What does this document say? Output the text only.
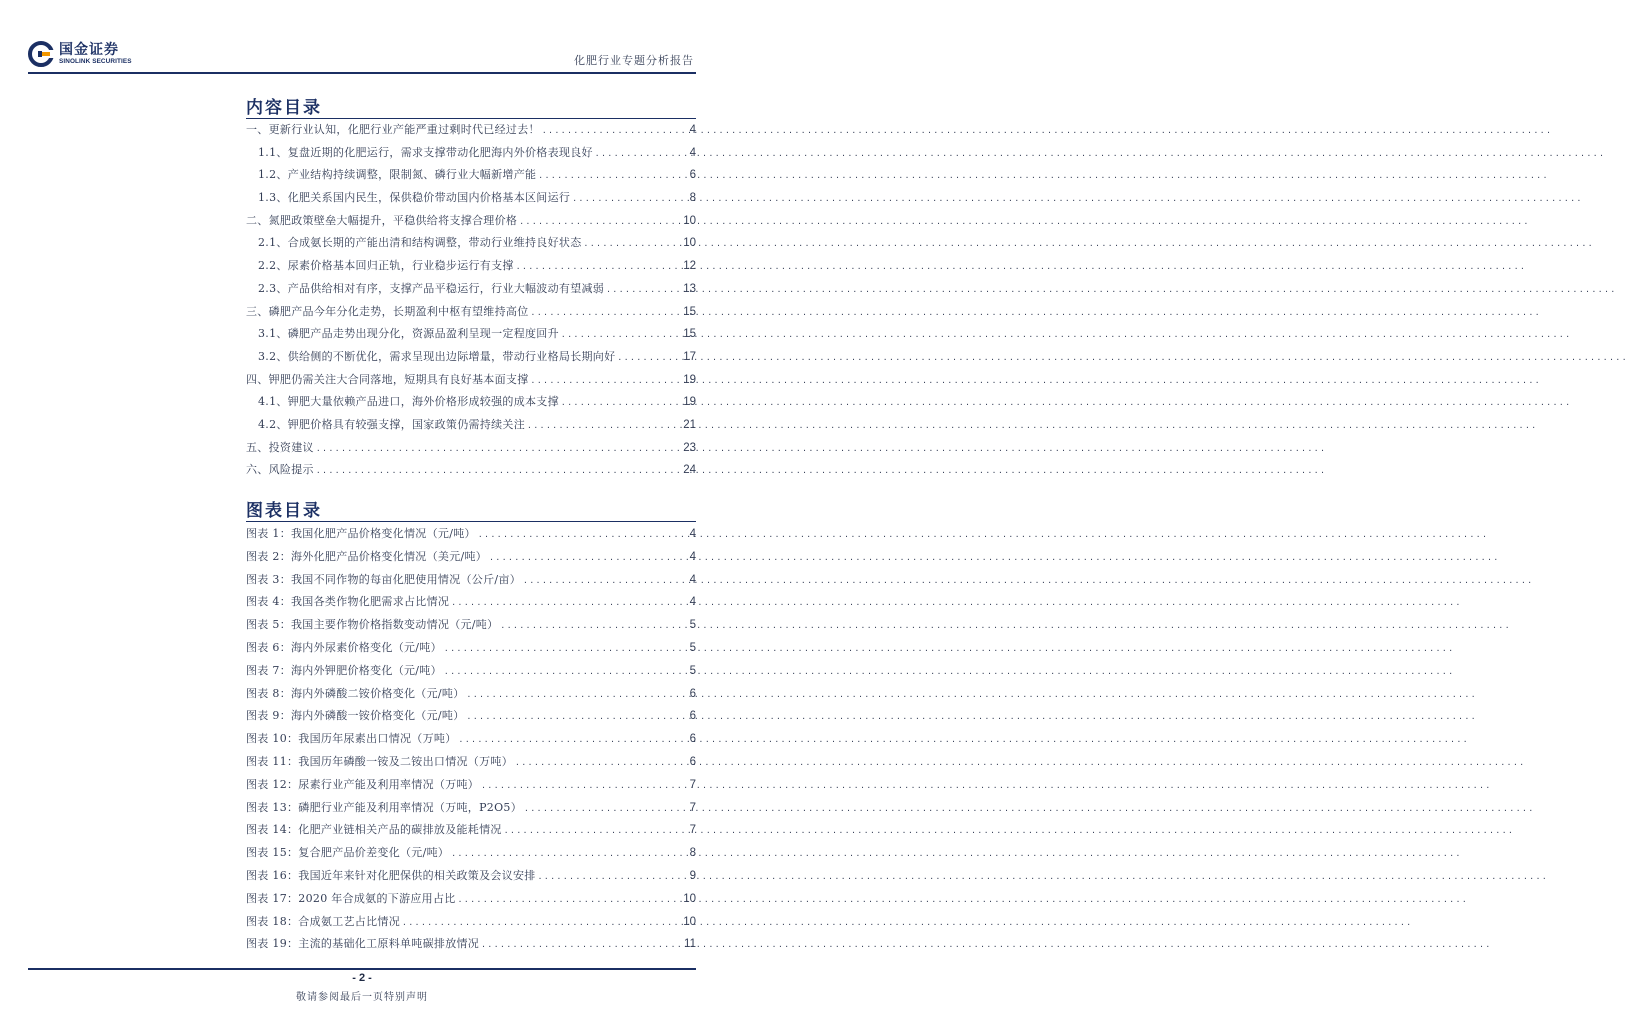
国金证券
SINOLINK SECURITIES	化肥行业专题分析报告
内容目录
一、更新行业认知，化肥行业产能严重过剩时代已经过去！ .....	4
1.1、复盘近期的化肥运行，需求支撑带动化肥海内外价格表现良好 .....	4
1.2、产业结构持续调整，限制氮、磷行业大幅新增产能 .....	6
1.3、化肥关系国内民生，保供稳价带动国内价格基本区间运行 .....	8
二、氮肥政策壁垒大幅提升，平稳供给将支撑合理价格 .....	10
2.1、合成氨长期的产能出清和结构调整，带动行业维持良好状态 .....	10
2.2、尿素价格基本回归正轨，行业稳步运行有支撑 .....	12
2.3、产品供给相对有序，支撑产品平稳运行，行业大幅波动有望减弱 .....	13
三、磷肥产品今年分化走势，长期盈利中枢有望维持高位 .....	15
3.1、磷肥产品走势出现分化，资源品盈利呈现一定程度回升 .....	15
3.2、供给侧的不断优化，需求呈现出边际增量，带动行业格局长期向好 .....	17
四、钾肥仍需关注大合同落地，短期具有良好基本面支撑 .....	19
4.1、钾肥大量依赖产品进口，海外价格形成较强的成本支撑 .....	19
4.2、钾肥价格具有较强支撑，国家政策仍需持续关注 .....	21
五、投资建议 .....	23
六、风险提示 .....	24
图表目录
图表 1：我国化肥产品价格变化情况（元/吨） .....	4
图表 2：海外化肥产品价格变化情况（美元/吨） .....	4
图表 3：我国不同作物的每亩化肥使用情况（公斤/亩） .....	4
图表 4：我国各类作物化肥需求占比情况 .....	4
图表 5：我国主要作物价格指数变动情况（元/吨） .....	5
图表 6：海内外尿素价格变化（元/吨） .....	5
图表 7：海内外钾肥价格变化（元/吨） .....	5
图表 8：海内外磷酸二铵价格变化（元/吨） .....	6
图表 9：海内外磷酸一铵价格变化（元/吨） .....	6
图表 10：我国历年尿素出口情况（万吨） .....	6
图表 11：我国历年磷酸一铵及二铵出口情况（万吨） .....	6
图表 12：尿素行业产能及利用率情况（万吨） .....	7
图表 13：磷肥行业产能及利用率情况（万吨，P2O5） .....	7
图表 14：化肥产业链相关产品的碳排放及能耗情况 .....	7
图表 15：复合肥产品价差变化（元/吨） .....	8
图表 16：我国近年来针对化肥保供的相关政策及会议安排 .....	9
图表 17：2020 年合成氨的下游应用占比 .....	10
图表 18：合成氨工艺占比情况 .....	10
图表 19：主流的基础化工原料单吨碳排放情况 .....	11
- 2 -
敬请参阅最后一页特别声明
